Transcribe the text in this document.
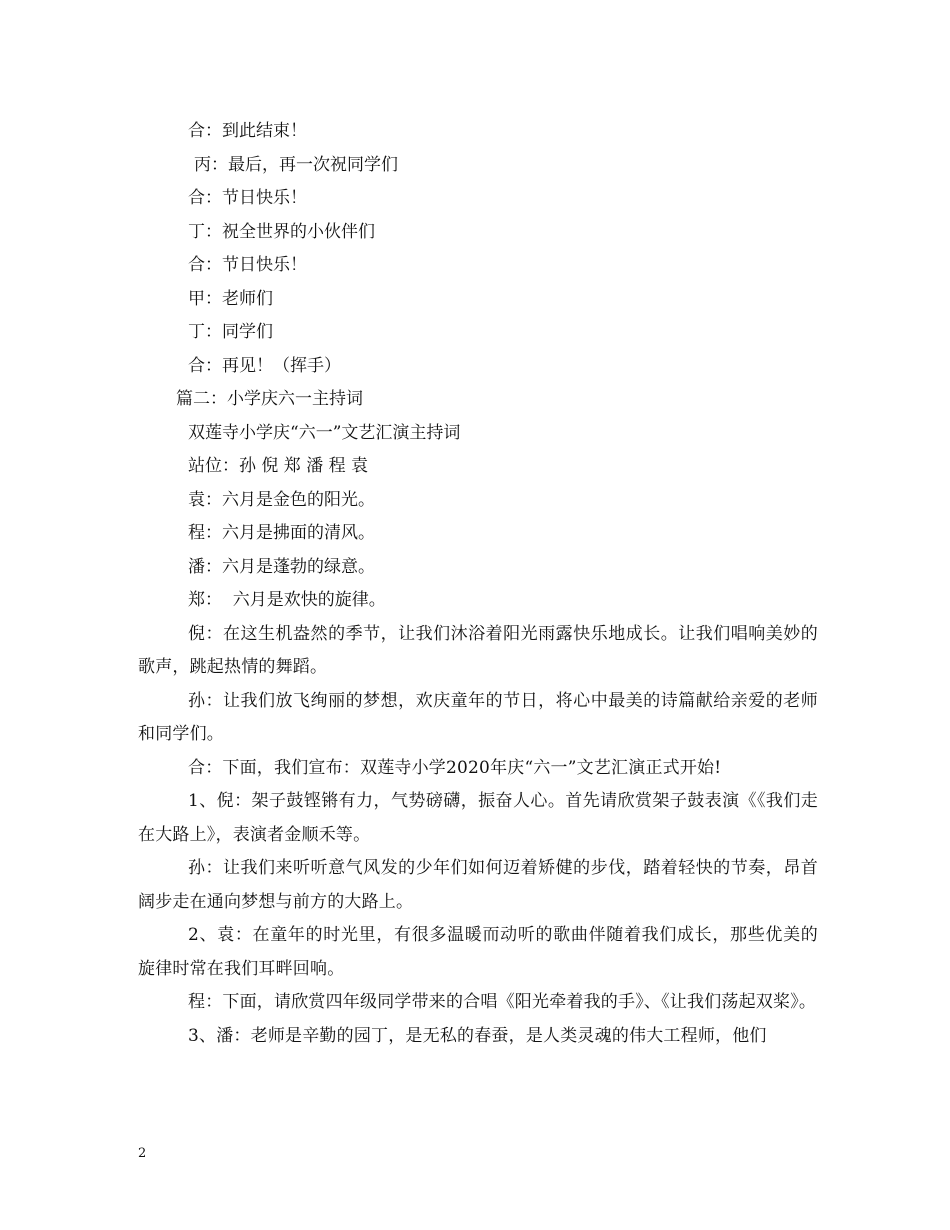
合：到此结束！
丙：最后，再一次祝同学们
合：节日快乐！
丁：祝全世界的小伙伴们
合：节日快乐！
甲：老师们
丁：同学们
合：再见！（挥手）
篇二：小学庆六一主持词
双莲寺小学庆“六一”文艺汇演主持词
站位：孙 倪 郑 潘 程 袁
袁：六月是金色的阳光。
程：六月是拂面的清风。
潘：六月是蓬勃的绿意。
郑：  六月是欢快的旋律。
倪：在这生机盎然的季节，让我们沐浴着阳光雨露快乐地成长。让我们唱响美妙的歌声，跳起热情的舞蹈。
孙：让我们放飞绚丽的梦想，欢庆童年的节日，将心中最美的诗篇献给亲爱的老师和同学们。
合：下面，我们宣布：双莲寺小学2020年庆“六一”文艺汇演正式开始!
1、倪：架子鼓铿锵有力，气势磅礴，振奋人心。首先请欣赏架子鼓表演《《我们走在大路上》，表演者金顺禾等。
孙：让我们来听听意气风发的少年们如何迈着矫健的步伐，踏着轻快的节奏，昂首阔步走在通向梦想与前方的大路上。
2、袁：在童年的时光里，有很多温暖而动听的歌曲伴随着我们成长，那些优美的旋律时常在我们耳畔回响。
程：下面，请欣赏四年级同学带来的合唱《阳光牵着我的手》、《让我们荡起双桨》。
3、潘：老师是辛勤的园丁，是无私的春蚕，是人类灵魂的伟大工程师，他们
2
